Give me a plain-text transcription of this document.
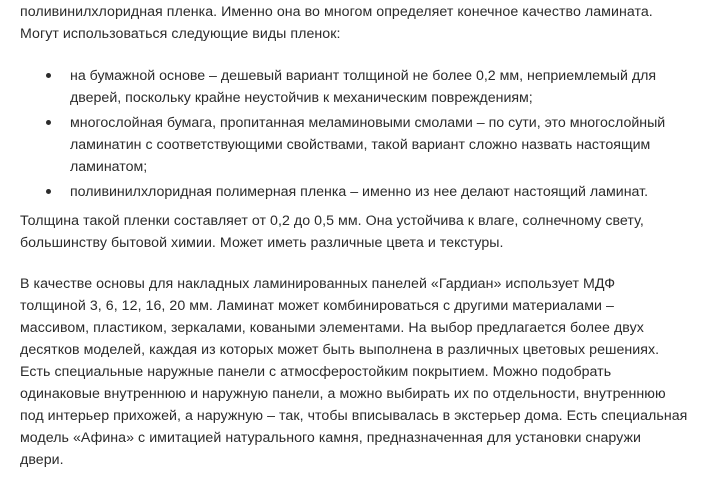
поливинилхлоридная пленка. Именно она во многом определяет конечное качество ламината.
Могут использоваться следующие виды пленок:
на бумажной основе – дешевый вариант толщиной не более 0,2 мм, неприемлемый для
дверей, поскольку крайне неустойчив к механическим повреждениям;
многослойная бумага, пропитанная меламиновыми смолами – по сути, это многослойный
ламинатин с соответствующими свойствами, такой вариант сложно назвать настоящим
ламинатом;
поливинилхлоридная полимерная пленка – именно из нее делают настоящий ламинат.
Толщина такой пленки составляет от 0,2 до 0,5 мм. Она устойчива к влаге, солнечному свету,
большинству бытовой химии. Может иметь различные цвета и текстуры.
В качестве основы для накладных ламинированных панелей «Гардиан» использует МДФ
толщиной 3, 6, 12, 16, 20 мм. Ламинат может комбинироваться с другими материалами –
массивом, пластиком, зеркалами, коваными элементами. На выбор предлагается более двух
десятков моделей, каждая из которых может быть выполнена в различных цветовых решениях.
Есть специальные наружные панели с атмосферостойким покрытием. Можно подобрать
одинаковые внутреннюю и наружную панели, а можно выбирать их по отдельности, внутреннюю
под интерьер прихожей, а наружную – так, чтобы вписывалась в экстерьер дома. Есть специальная
модель «Афина» с имитацией натурального камня, предназначенная для установки снаружи
двери.
